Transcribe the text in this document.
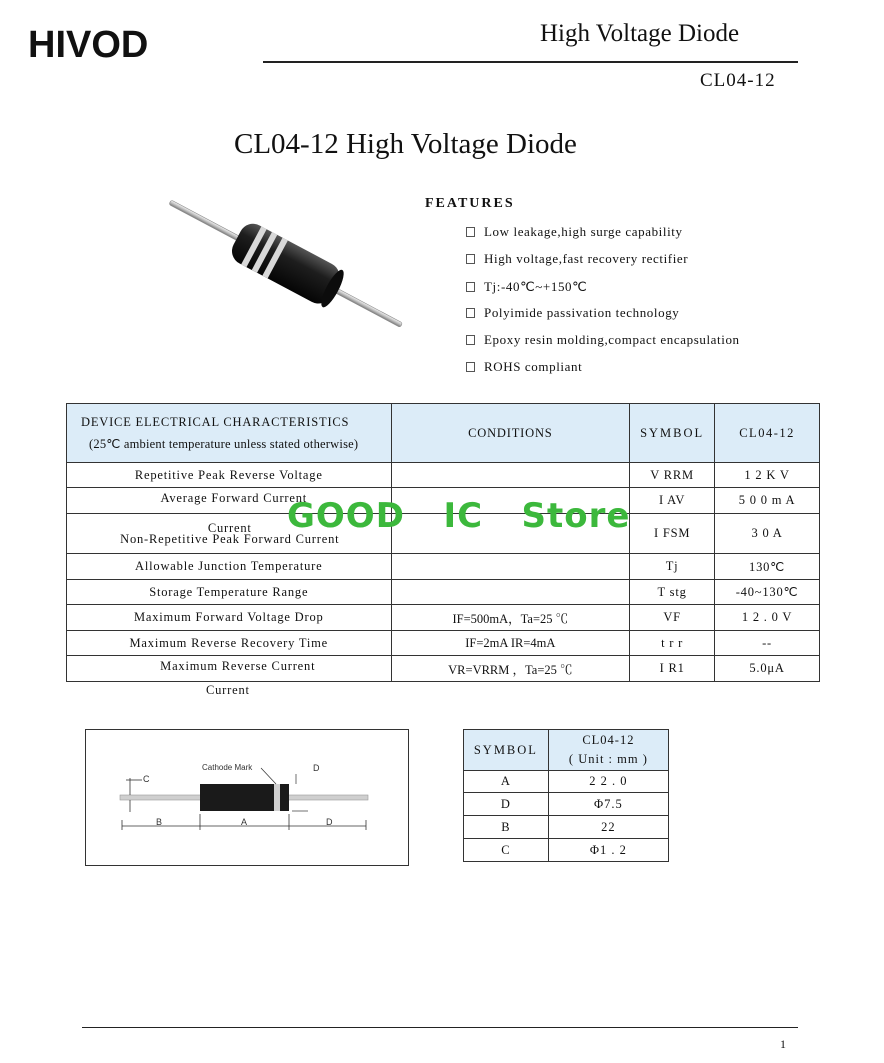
HIVOD	High Voltage Diode
CL04-12
CL04-12 High Voltage Diode
FEATURES
Low leakage,high surge capability
High voltage,fast recovery rectifier
Tj:-40℃~+150℃
Polyimide passivation technology
Epoxy resin molding,compact encapsulation
ROHS compliant
DEVICE ELECTRICAL CHARACTERISTICS
(25℃ ambient temperature unless stated otherwise)	CONDITIONS	SYMBOL	CL04-12
Repetitive Peak Reverse Voltage		V RRM	1 2 K V
Average Forward Current		I AV	5 0 0 m A

Current
Non-Repetitive Peak Forward Current		I FSM	3 0 A
Allowable Junction Temperature		Tj	130℃
Storage Temperature Range		T stg	-40~130℃
Maximum Forward Voltage Drop	IF=500mA，Ta=25 ℃	VF	1 2 . 0 V
Maximum Reverse Recovery Time	IF=2mA IR=4mA	t r r	--
Maximum Reverse Current	VR=VRRM ，Ta=25 ℃	I R1	5.0μA
Current
GOOD   IC   Store
C
Cathode Mark	D
B	A	D
SYMBOL	CL04-12
( Unit : mm )

A	2 2 . 0
D	Φ7.5
B	22
C	Φ1 . 2
1
